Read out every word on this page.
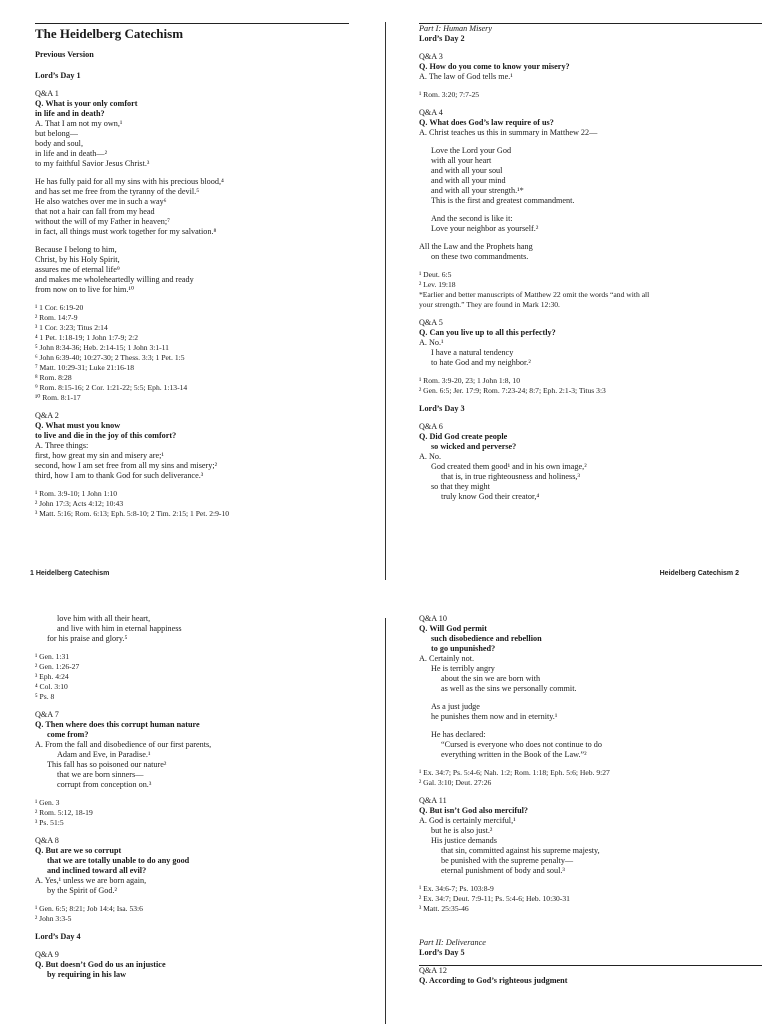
The Heidelberg Catechism
Previous Version
Lord’s Day 1
Q&A 1
Q. What is your only comfort
in life and in death?
A. That I am not my own,¹
but belong—
body and soul,
in life and in death—²
to my faithful Savior Jesus Christ.³
He has fully paid for all my sins with his precious blood,⁴
and has set me free from the tyranny of the devil.⁵
He also watches over me in such a way⁶
that not a hair can fall from my head
without the will of my Father in heaven;⁷
in fact, all things must work together for my salvation.⁸
Because I belong to him,
Christ, by his Holy Spirit,
assures me of eternal life⁹
and makes me wholeheartedly willing and ready
from now on to live for him.¹⁰
¹ 1 Cor. 6:19-20
² Rom. 14:7-9
³ 1 Cor. 3:23; Titus 2:14
⁴ 1 Pet. 1:18-19; 1 John 1:7-9; 2:2
⁵ John 8:34-36; Heb. 2:14-15; 1 John 3:1-11
⁶ John 6:39-40; 10:27-30; 2 Thess. 3:3; 1 Pet. 1:5
⁷ Matt. 10:29-31; Luke 21:16-18
⁸ Rom. 8:28
⁹ Rom. 8:15-16; 2 Cor. 1:21-22; 5:5; Eph. 1:13-14
¹⁰ Rom. 8:1-17
Q&A 2
Q. What must you know
to live and die in the joy of this comfort?
A. Three things:
first, how great my sin and misery are;¹
second, how I am set free from all my sins and misery;²
third, how I am to thank God for such deliverance.³
¹ Rom. 3:9-10; 1 John 1:10
² John 17:3; Acts 4:12; 10:43
³ Matt. 5:16; Rom. 6:13; Eph. 5:8-10; 2 Tim. 2:15; 1 Pet. 2:9-10
Part I: Human Misery
Lord’s Day 2
Q&A 3
Q. How do you come to know your misery?
A. The law of God tells me.¹
¹ Rom. 3:20; 7:7-25
Q&A 4
Q. What does God’s law require of us?
A. Christ teaches us this in summary in Matthew 22—
Love the Lord your God
with all your heart
and with all your soul
and with all your mind
and with all your strength.¹*
This is the first and greatest commandment.
And the second is like it:
Love your neighbor as yourself.²
All the Law and the Prophets hang
on these two commandments.
¹ Deut. 6:5
² Lev. 19:18
*Earlier and better manuscripts of Matthew 22 omit the words “and with all
your strength.” They are found in Mark 12:30.
Q&A 5
Q. Can you live up to all this perfectly?
A. No.¹
I have a natural tendency
to hate God and my neighbor.²
¹ Rom. 3:9-20, 23; 1 John 1:8, 10
² Gen. 6:5; Jer. 17:9; Rom. 7:23-24; 8:7; Eph. 2:1-3; Titus 3:3
Lord’s Day 3
Q&A 6
Q. Did God create people
so wicked and perverse?
A. No.
God created them good¹ and in his own image,²
that is, in true righteousness and holiness,³
so that they might
truly know God their creator,⁴
1 Heidelberg Catechism	Heidelberg Catechism 2
love him with all their heart,
and live with him in eternal happiness
for his praise and glory.⁵
¹ Gen. 1:31
² Gen. 1:26-27
³ Eph. 4:24
⁴ Col. 3:10
⁵ Ps. 8
Q&A 7
Q. Then where does this corrupt human nature
come from?
A. From the fall and disobedience of our first parents,
Adam and Eve, in Paradise.¹
This fall has so poisoned our nature²
that we are born sinners—
corrupt from conception on.³
¹ Gen. 3
² Rom. 5:12, 18-19
³ Ps. 51:5
Q&A 8
Q. But are we so corrupt
that we are totally unable to do any good
and inclined toward all evil?
A. Yes,¹ unless we are born again,
by the Spirit of God.²
¹ Gen. 6:5; 8:21; Job 14:4; Isa. 53:6
² John 3:3-5
Lord’s Day 4
Q&A 9
Q. But doesn’t God do us an injustice
by requiring in his law
Q&A 10
Q. Will God permit
such disobedience and rebellion
to go unpunished?
A. Certainly not.
He is terribly angry
about the sin we are born with
as well as the sins we personally commit.
As a just judge
he punishes them now and in eternity.¹
He has declared:
“Cursed is everyone who does not continue to do
everything written in the Book of the Law.”²
¹ Ex. 34:7; Ps. 5:4-6; Nah. 1:2; Rom. 1:18; Eph. 5:6; Heb. 9:27
² Gal. 3:10; Deut. 27:26
Q&A 11
Q. But isn’t God also merciful?
A. God is certainly merciful,¹
but he is also just.²
His justice demands
that sin, committed against his supreme majesty,
be punished with the supreme penalty—
eternal punishment of body and soul.³
¹ Ex. 34:6-7; Ps. 103:8-9
² Ex. 34:7; Deut. 7:9-11; Ps. 5:4-6; Heb. 10:30-31
³ Matt. 25:35-46
Part II: Deliverance
Lord’s Day 5
Q&A 12
Q. According to God’s righteous judgment
